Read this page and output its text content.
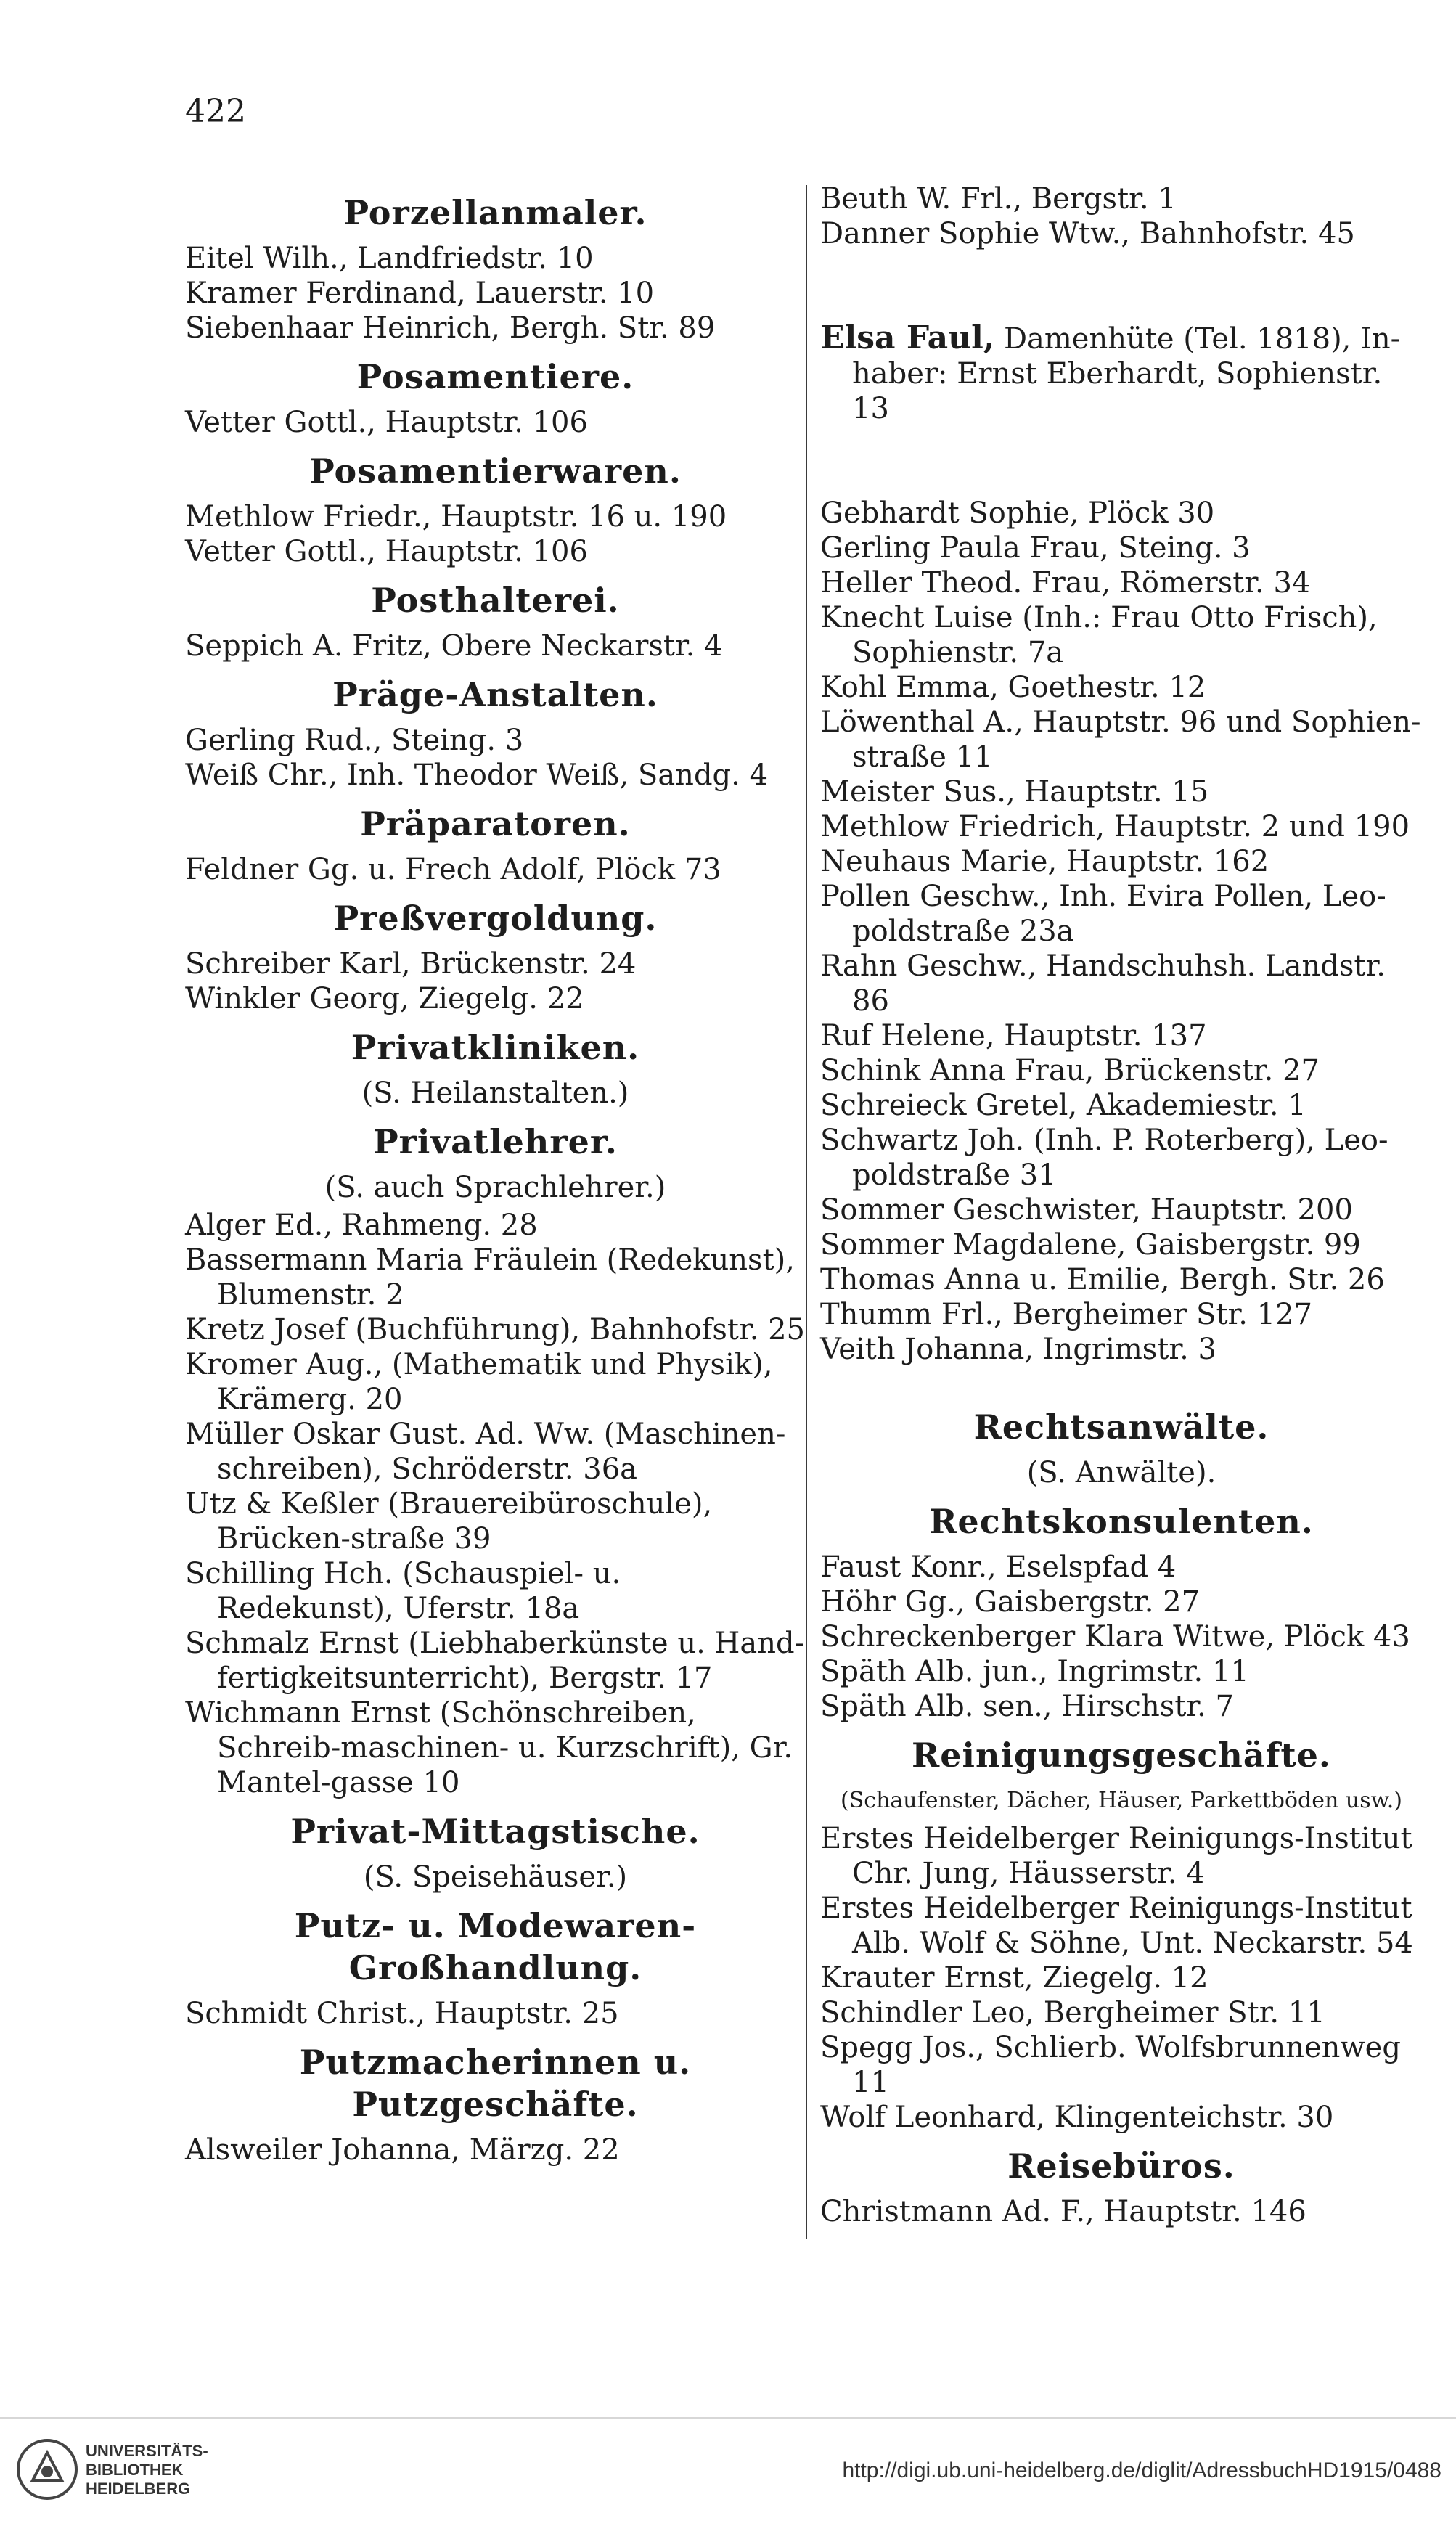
422
Porzellanmaler.
Eitel Wilh., Landfriedstr. 10
Kramer Ferdinand, Lauerstr. 10
Siebenhaar Heinrich, Bergh. Str. 89
Posamentiere.
Vetter Gottl., Hauptstr. 106
Posamentierwaren.
Methlow Friedr., Hauptstr. 16 u. 190
Vetter Gottl., Hauptstr. 106
Posthalterei.
Seppich A. Fritz, Obere Neckarstr. 4
Präge-Anstalten.
Gerling Rud., Steing. 3
Weiß Chr., Inh. Theodor Weiß, Sandg. 4
Präparatoren.
Feldner Gg. u. Frech Adolf, Plöck 73
Preßvergoldung.
Schreiber Karl, Brückenstr. 24
Winkler Georg, Ziegelg. 22
Privatkliniken.
(S. Heilanstalten.)
Privatlehrer.
(S. auch Sprachlehrer.)
Alger Ed., Rahmeng. 28
Bassermann Maria Fräulein (Redekunst), Blumenstr. 2
Kretz Josef (Buchführung), Bahnhofstr. 25
Kromer Aug., (Mathematik und Physik), Krämerg. 20
Müller Oskar Gust. Ad. Ww. (Maschinen-schreiben), Schröderstr. 36a
Utz & Keßler (Brauereibüroschule), Brücken-straße 39
Schilling Hch. (Schauspiel- u. Redekunst), Uferstr. 18a
Schmalz Ernst (Liebhaberkünste u. Hand-fertigkeitsunterricht), Bergstr. 17
Wichmann Ernst (Schönschreiben, Schreib-maschinen- u. Kurzschrift), Gr. Mantel-gasse 10
Privat-Mittagstische.
(S. Speisehäuser.)
Putz- u. Modewaren-Großhandlung.
Schmidt Christ., Hauptstr. 25
Putzmacherinnen u. Putzgeschäfte.
Alsweiler Johanna, Märzg. 22
Beuth W. Frl., Bergstr. 1
Danner Sophie Wtw., Bahnhofstr. 45
Elsa Faul, Damenhüte (Tel. 1818), In-haber: Ernst Eberhardt, Sophienstr. 13
Gebhardt Sophie, Plöck 30
Gerling Paula Frau, Steing. 3
Heller Theod. Frau, Römerstr. 34
Knecht Luise (Inh.: Frau Otto Frisch), Sophienstr. 7a
Kohl Emma, Goethestr. 12
Löwenthal A., Hauptstr. 96 und Sophien-straße 11
Meister Sus., Hauptstr. 15
Methlow Friedrich, Hauptstr. 2 und 190
Neuhaus Marie, Hauptstr. 162
Pollen Geschw., Inh. Evira Pollen, Leo-poldstraße 23a
Rahn Geschw., Handschuhsh. Landstr. 86
Ruf Helene, Hauptstr. 137
Schink Anna Frau, Brückenstr. 27
Schreieck Gretel, Akademiestr. 1
Schwartz Joh. (Inh. P. Roterberg), Leo-poldstraße 31
Sommer Geschwister, Hauptstr. 200
Sommer Magdalene, Gaisbergstr. 99
Thomas Anna u. Emilie, Bergh. Str. 26
Thumm Frl., Bergheimer Str. 127
Veith Johanna, Ingrimstr. 3
Rechtsanwälte.
(S. Anwälte).
Rechtskonsulenten.
Faust Konr., Eselspfad 4
Höhr Gg., Gaisbergstr. 27
Schreckenberger Klara Witwe, Plöck 43
Späth Alb. jun., Ingrimstr. 11
Späth Alb. sen., Hirschstr. 7
Reinigungsgeschäfte.
(Schaufenster, Dächer, Häuser, Parkettböden usw.)
Erstes Heidelberger Reinigungs-Institut Chr. Jung, Häusserstr. 4
Erstes Heidelberger Reinigungs-Institut Alb. Wolf & Söhne, Unt. Neckarstr. 54
Krauter Ernst, Ziegelg. 12
Schindler Leo, Bergheimer Str. 11
Spegg Jos., Schlierb. Wolfsbrunnenweg 11
Wolf Leonhard, Klingenteichstr. 30
Reisebüros.
Christmann Ad. F., Hauptstr. 146
UNIVERSITÄTS-
BIBLIOTHEK
HEIDELBERG
http://digi.ub.uni-heidelberg.de/diglit/AdressbuchHD1915/0488
